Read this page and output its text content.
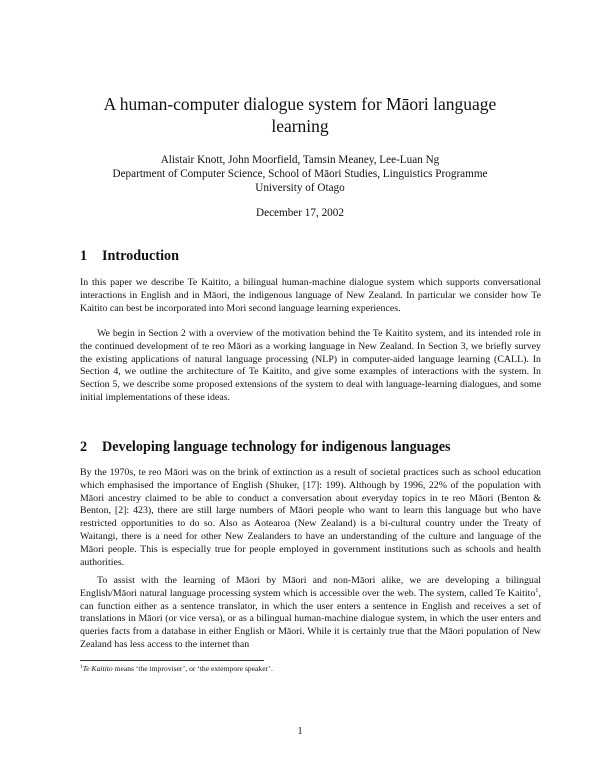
A human-computer dialogue system for Māori language
learning

Alistair Knott, John Moorfield, Tamsin Meaney, Lee-Luan Ng

Department of Computer Science, School of Māori Studies, Linguistics Programme

University of Otago

December 17, 2002

1 Introduction

In this paper we describe Te Kaitito, a bilingual human-machine dialogue system which supports conversational interactions in English and in Māori, the indigenous language of New Zealand. In particular we consider how Te Kaitito can best be incorporated into Mori second language learning experiences.

We begin in Section 2 with a overview of the motivation behind the Te Kaitito system, and its intended role in the continued development of te reo Māori as a working language in New Zealand. In Section 3, we briefly survey the existing applications of natural language processing (NLP) in computer-aided language learning (CALL). In Section 4, we outline the architecture of Te Kaitito, and give some examples of interactions with the system. In Section 5, we describe some proposed extensions of the system to deal with language-learning dialogues, and some initial implementations of these ideas.

2 Developing language technology for indigenous languages

By the 1970s, te reo Māori was on the brink of extinction as a result of societal practices such as school education which emphasised the importance of English (Shuker, [17]: 199). Although by 1996, 22% of the population with Māori ancestry claimed to be able to conduct a conversation about everyday topics in te reo Māori (Benton & Benton, [2]: 423), there are still large numbers of Māori people who want to learn this language but who have restricted opportunities to do so. Also as Aotearoa (New Zealand) is a bi-cultural country under the Treaty of Waitangi, there is a need for other New Zealanders to have an understanding of the culture and language of the Māori people. This is especially true for people employed in government institutions such as schools and health authorities.

To assist with the learning of Māori by Māori and non-Māori alike, we are developing a bilingual English/Māori natural language processing system which is accessible over the web. The system, called Te Kaitito$^1$, can function either as a sentence translator, in which the user enters a sentence in English and receives a set of translations in Māori (or vice versa), or as a bilingual human-machine dialogue system, in which the user enters and queries facts from a database in either English or Māori. While it is certainly true that the Māori population of New Zealand has less access to the internet than

$^1$Te Kaitito means ‘the improviser’, or ‘the extempore speaker’.

1
